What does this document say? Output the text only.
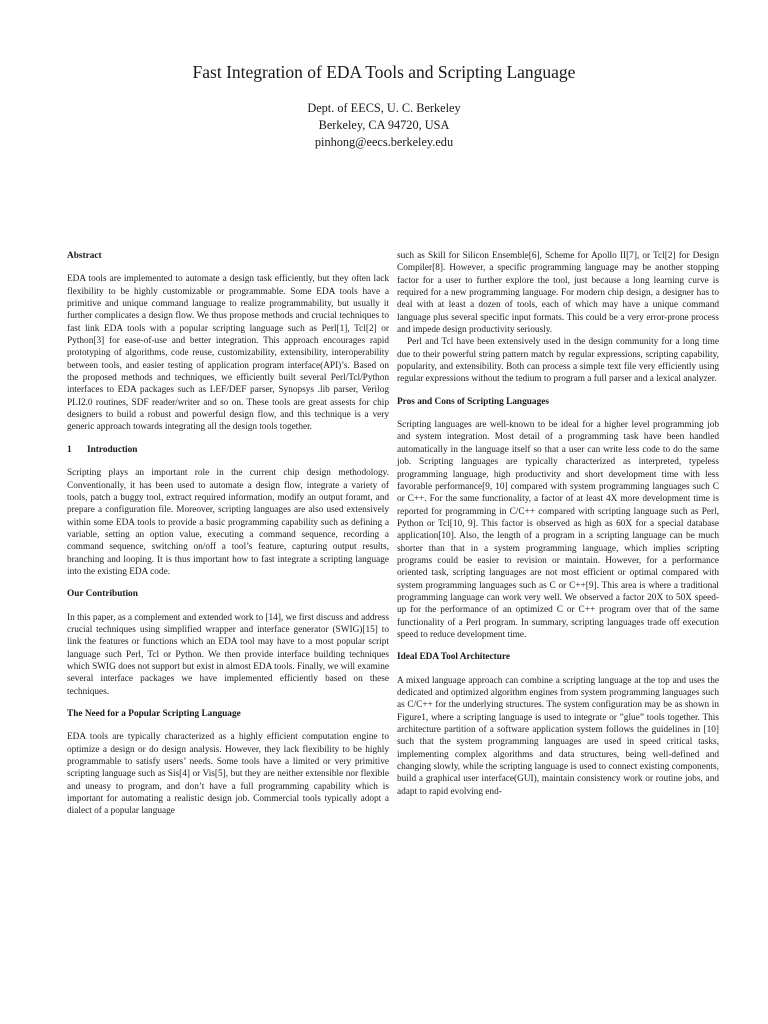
Fast Integration of EDA Tools and Scripting Language
Dept. of EECS, U. C. Berkeley
Berkeley, CA 94720, USA
pinhong@eecs.berkeley.edu
Abstract

EDA tools are implemented to automate a design task efficiently, but they often lack flexibility to be highly customizable or programmable. Some EDA tools have a primitive and unique command language to realize programmability, but usually it further complicates a design flow. We thus propose methods and crucial techniques to fast link EDA tools with a popular scripting language such as Perl[1], Tcl[2] or Python[3] for ease-of-use and better integration. This approach encourages rapid prototyping of algorithms, code reuse, customizability, extensibility, interoperability between tools, and easier testing of application program interface(API)’s. Based on the proposed methods and techniques, we efficiently built several Perl/Tcl/Python interfaces to EDA packages such as LEF/DEF parser, Synopsys .lib parser, Verilog PLI2.0 routines, SDF reader/writer and so on. These tools are great assests for chip designers to build a robust and powerful design flow, and this technique is a very generic approach towards integrating all the design tools together.

1 Introduction

Scripting plays an important role in the current chip design methodology. Conventionally, it has been used to automate a design flow, integrate a variety of tools, patch a buggy tool, extract required information, modify an output foramt, and prepare a configuration file. Moreover, scripting languages are also used extensively within some EDA tools to provide a basic programming capability such as defining a variable, setting an option value, executing a command sequence, recording a command sequence, switching on/off a tool’s feature, capturing output results, branching and looping. It is thus important how to fast integrate a scripting language into the existing EDA code.

Our Contribution

In this paper, as a complement and extended work to [14], we first discuss and address crucial techniques using simplified wrapper and interface generator (SWIG)[15] to link the features or functions which an EDA tool may have to a most popular script language such Perl, Tcl or Python. We then provide interface building techniques which SWIG does not support but exist in almost EDA tools. Finally, we will examine several interface packages we have implemented efficiently based on these techniques.

The Need for a Popular Scripting Language

EDA tools are typically characterized as a highly efficient computation engine to optimize a design or do design analysis. However, they lack flexibility to be highly programmable to satisfy users’ needs. Some tools have a limited or very primitive scripting language such as Sis[4] or Vis[5], but they are neither extensible nor flexible and uneasy to program, and don’t have a full programming capability which is important for automating a realistic design job. Commercial tools typically adopt a dialect of a popular language

such as Skill for Silicon Ensemble[6], Scheme for Apollo II[7], or Tcl[2] for Design Compiler[8]. However, a specific programming language may be another stopping factor for a user to further explore the tool, just because a long learning curve is required for a new programming language. For modern chip design, a designer has to deal with at least a dozen of tools, each of which may have a unique command language plus several specific input formats. This could be a very error-prone process and impede design productivity seriously.

Perl and Tcl have been extensively used in the design community for a long time due to their powerful string pattern match by regular expressions, scripting capability, popularity, and extensibility. Both can process a simple text file very efficiently using regular expressions without the tedium to program a full parser and a lexical analyzer.

Pros and Cons of Scripting Languages

Scripting languages are well-known to be ideal for a higher level programming job and system integration. Most detail of a programming task have been handled automatically in the language itself so that a user can write less code to do the same job. Scripting languages are typically characterized as interpreted, typeless programming language, high productivity and short development time with less favorable performance[9, 10] compared with system programming languages such C or C++. For the same functionality, a factor of at least 4X more development time is reported for programming in C/C++ compared with scripting language such as Perl, Python or Tcl[10, 9]. This factor is observed as high as 60X for a special database application[10]. Also, the length of a program in a scripting language can be much shorter than that in a system programming language, which implies scripting programs could be easier to revision or maintain. However, for a performance oriented task, scripting languages are not most efficient or optimal compared with system programming languages such as C or C++[9]. This area is where a traditional programming language can work very well. We observed a factor 20X to 50X speed-up for the performance of an optimized C or C++ program over that of the same functionality of a Perl program. In summary, scripting languages trade off execution speed to reduce development time.

Ideal EDA Tool Architecture

A mixed language approach can combine a scripting language at the top and uses the dedicated and optimized algorithm engines from system programming languages such as C/C++ for the underlying structures. The system configuration may be as shown in Figure1, where a scripting language is used to integrate or ”glue” tools together. This architecture partition of a software application system follows the guidelines in [10] such that the system programming languages are used in speed critical tasks, implementing complex algorithms and data structures, being well-defined and changing slowly, while the scripting language is used to connect existing components, build a graphical user interface(GUI), maintain consistency work or routine jobs, and adapt to rapid evolving end-
